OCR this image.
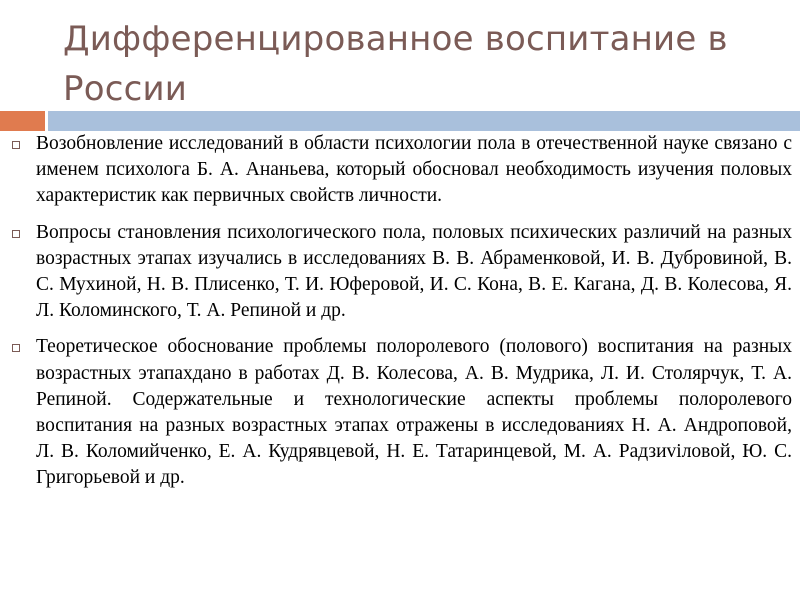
Дифференцированное воспитание в России
Возобновление исследований в области психологии пола в отечественной науке связано с именем психолога Б. А. Ананьева, который обосновал необходимость изучения половых характеристик как первичных свойств личности.
Вопросы становления психологического пола, половых психических различий на разных возрастных этапах изучались в исследованиях В. В. Абраменковой, И. В. Дубровиной, В. С. Мухиной, Н. В. Плисенко, Т. И. Юферовой, И. С. Кона, В. Е. Кагана, Д. В. Колесова, Я. Л. Коломинского, Т. А. Репиной и др.
Теоретическое обоснование проблемы полоролевого (полового) воспитания на разных возрастных этапахдано в работах Д. В. Колесова, А. В. Мудрика, Л. И. Столярчук, Т. А. Репиной. Содержательные и технологические аспекты проблемы полоролевого воспитания на разных возрастных этапах отражены в исследованиях Н. А. Андроповой, Л. В. Коломийченко, Е. А. Кудрявцевой, Н. Е. Татаринцевой, М. А. Радзиviловой, Ю. С. Григорьевой и др.
